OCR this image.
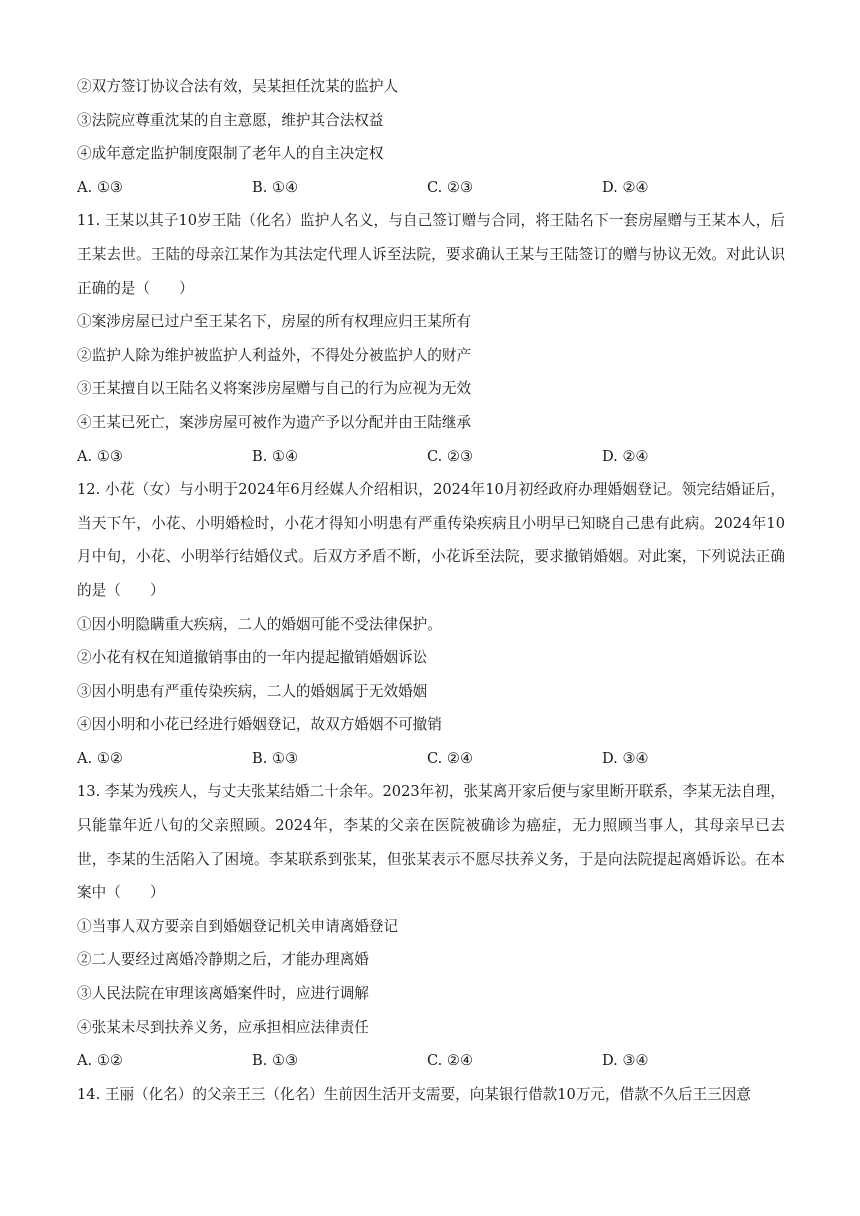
②双方签订协议合法有效，吴某担任沈某的监护人
③法院应尊重沈某的自主意愿，维护其合法权益
④成年意定监护制度限制了老年人的自主决定权
A. ①③	B. ①④	C. ②③	D. ②④
11. 王某以其子10岁王陆（化名）监护人名义，与自己签订赠与合同，将王陆名下一套房屋赠与王某本人，后王某去世。王陆的母亲江某作为其法定代理人诉至法院，要求确认王某与王陆签订的赠与协议无效。对此认识正确的是（　　）
①案涉房屋已过户至王某名下，房屋的所有权理应归王某所有
②监护人除为维护被监护人利益外，不得处分被监护人的财产
③王某擅自以王陆名义将案涉房屋赠与自己的行为应视为无效
④王某已死亡，案涉房屋可被作为遗产予以分配并由王陆继承
A. ①③	B. ①④	C. ②③	D. ②④
12. 小花（女）与小明于2024年6月经媒人介绍相识，2024年10月初经政府办理婚姻登记。领完结婚证后，当天下午，小花、小明婚检时，小花才得知小明患有严重传染疾病且小明早已知晓自己患有此病。2024年10月中旬，小花、小明举行结婚仪式。后双方矛盾不断，小花诉至法院，要求撤销婚姻。对此案，下列说法正确的是（　　）
①因小明隐瞒重大疾病，二人的婚姻可能不受法律保护。
②小花有权在知道撤销事由的一年内提起撤销婚姻诉讼
③因小明患有严重传染疾病，二人的婚姻属于无效婚姻
④因小明和小花已经进行婚姻登记，故双方婚姻不可撤销
A. ①②	B. ①③	C. ②④	D. ③④
13. 李某为残疾人，与丈夫张某结婚二十余年。2023年初，张某离开家后便与家里断开联系，李某无法自理，只能靠年近八旬的父亲照顾。2024年，李某的父亲在医院被确诊为癌症，无力照顾当事人，其母亲早已去世，李某的生活陷入了困境。李某联系到张某，但张某表示不愿尽扶养义务，于是向法院提起离婚诉讼。在本案中（　　）
①当事人双方要亲自到婚姻登记机关申请离婚登记
②二人要经过离婚冷静期之后，才能办理离婚
③人民法院在审理该离婚案件时，应进行调解
④张某未尽到扶养义务，应承担相应法律责任
A. ①②	B. ①③	C. ②④	D. ③④
14. 王丽（化名）的父亲王三（化名）生前因生活开支需要，向某银行借款10万元，借款不久后王三因意
